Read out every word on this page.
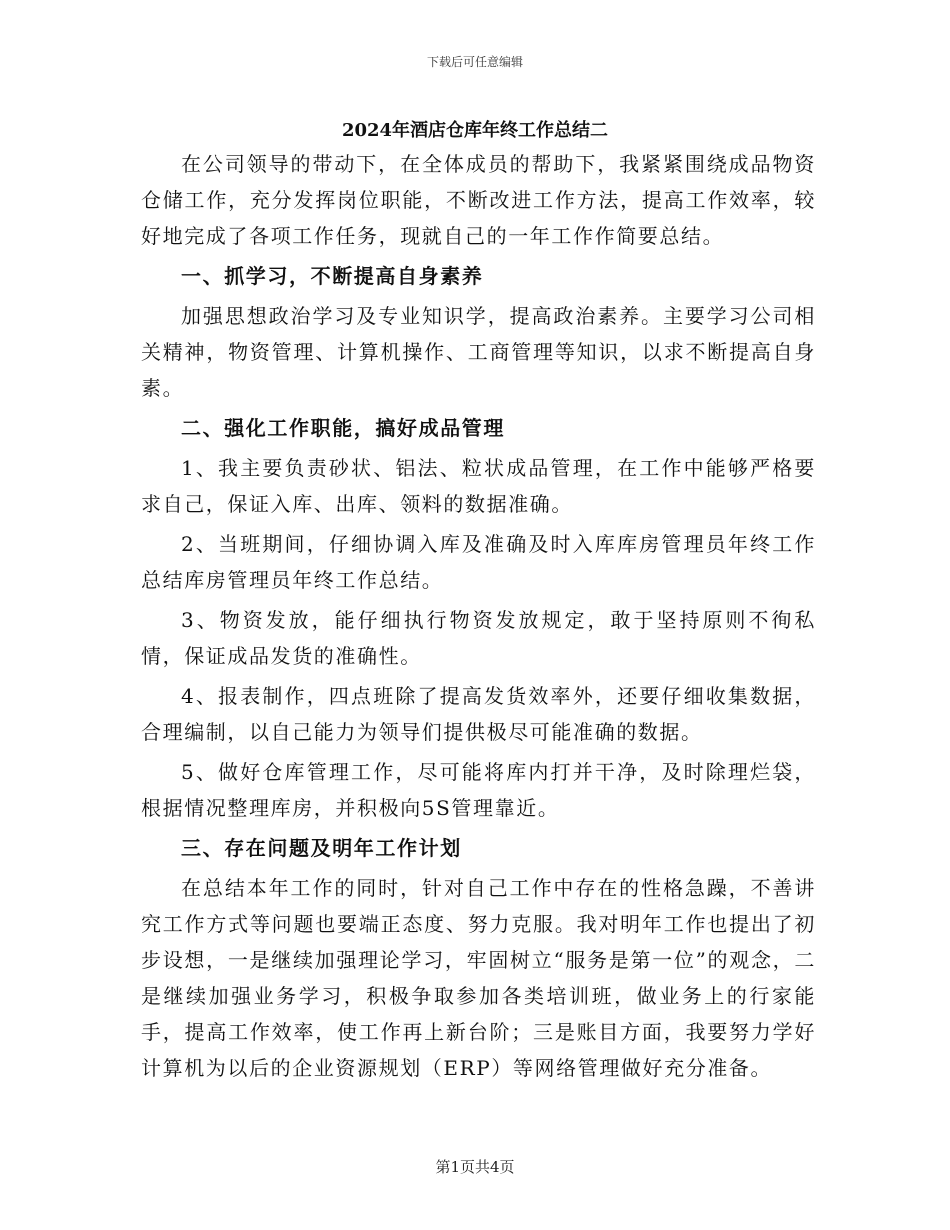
下载后可任意编辑
2024年酒店仓库年终工作总结二

在公司领导的带动下，在全体成员的帮助下，我紧紧围绕成品物资仓储工作，充分发挥岗位职能，不断改进工作方法，提高工作效率，较好地完成了各项工作任务，现就自己的一年工作作简要总结。

一、抓学习，不断提高自身素养

加强思想政治学习及专业知识学，提高政治素养。主要学习公司相关精神，物资管理、计算机操作、工商管理等知识，以求不断提高自身素。

二、强化工作职能，搞好成品管理

1、我主要负责砂状、铝法、粒状成品管理，在工作中能够严格要求自己，保证入库、出库、领料的数据准确。

2、当班期间，仔细协调入库及准确及时入库库房管理员年终工作总结库房管理员年终工作总结。

3、物资发放，能仔细执行物资发放规定，敢于坚持原则不徇私情，保证成品发货的准确性。

4、报表制作，四点班除了提高发货效率外，还要仔细收集数据，合理编制，以自己能力为领导们提供极尽可能准确的数据。

5、做好仓库管理工作，尽可能将库内打并干净，及时除理烂袋，根据情况整理库房，并积极向5S管理靠近。

三、存在问题及明年工作计划

在总结本年工作的同时，针对自己工作中存在的性格急躁，不善讲究工作方式等问题也要端正态度、努力克服。我对明年工作也提出了初步设想，一是继续加强理论学习，牢固树立“服务是第一位”的观念，二是继续加强业务学习，积极争取参加各类培训班，做业务上的行家能手，提高工作效率，使工作再上新台阶；三是账目方面，我要努力学好计算机为以后的企业资源规划（ERP）等网络管理做好充分准备。

第1页共4页
